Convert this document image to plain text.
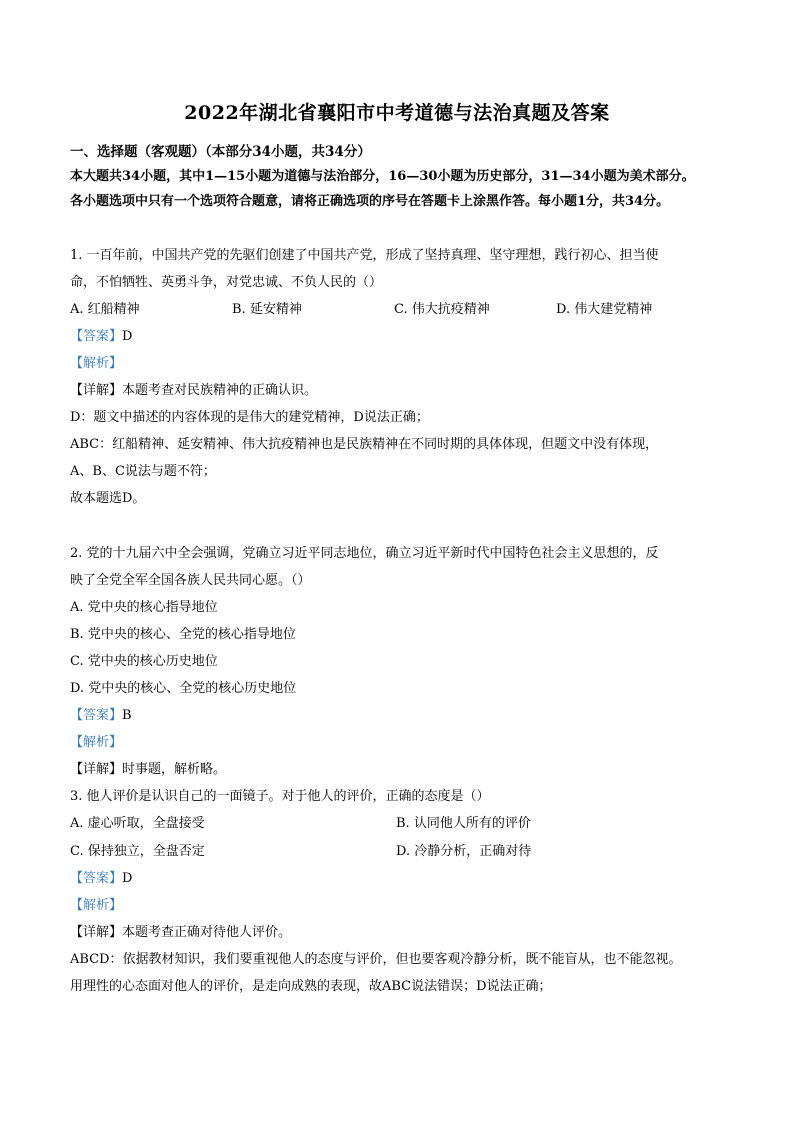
2022年湖北省襄阳市中考道德与法治真题及答案
一、选择题（客观题）（本部分34小题，共34分）
本大题共34小题，其中1—15小题为道德与法治部分，16—30小题为历史部分，31—34小题为美术部分。
各小题选项中只有一个选项符合题意，请将正确选项的序号在答题卡上涂黑作答。每小题1分，共34分。
1. 一百年前，中国共产党的先驱们创建了中国共产党，形成了坚持真理、坚守理想，践行初心、担当使
命，不怕牺牲、英勇斗争，对党忠诚、不负人民的（）
A. 红船精神	B. 延安精神	C. 伟大抗疫精神	D. 伟大建党精神
【答案】D
【解析】
【详解】本题考查对民族精神的正确认识。
D：题文中描述的内容体现的是伟大的建党精神，D说法正确；
ABC：红船精神、延安精神、伟大抗疫精神也是民族精神在不同时期的具体体现，但题文中没有体现，
A、B、C说法与题不符；
故本题选D。
2. 党的十九届六中全会强调，党确立习近平同志地位，确立习近平新时代中国特色社会主义思想的，反
映了全党全军全国各族人民共同心愿。（）
A. 党中央的核心指导地位
B. 党中央的核心、全党的核心指导地位
C. 党中央的核心历史地位
D. 党中央的核心、全党的核心历史地位
【答案】B
【解析】
【详解】时事题，解析略。
3. 他人评价是认识自己的一面镜子。对于他人的评价，正确的态度是（）
A. 虚心听取，全盘接受	B. 认同他人所有的评价
C. 保持独立，全盘否定	D. 冷静分析，正确对待
【答案】D
【解析】
【详解】本题考查正确对待他人评价。
ABCD：依据教材知识，我们要重视他人的态度与评价，但也要客观冷静分析，既不能盲从，也不能忽视。
用理性的心态面对他人的评价，是走向成熟的表现，故ABC说法错误；D说法正确；
